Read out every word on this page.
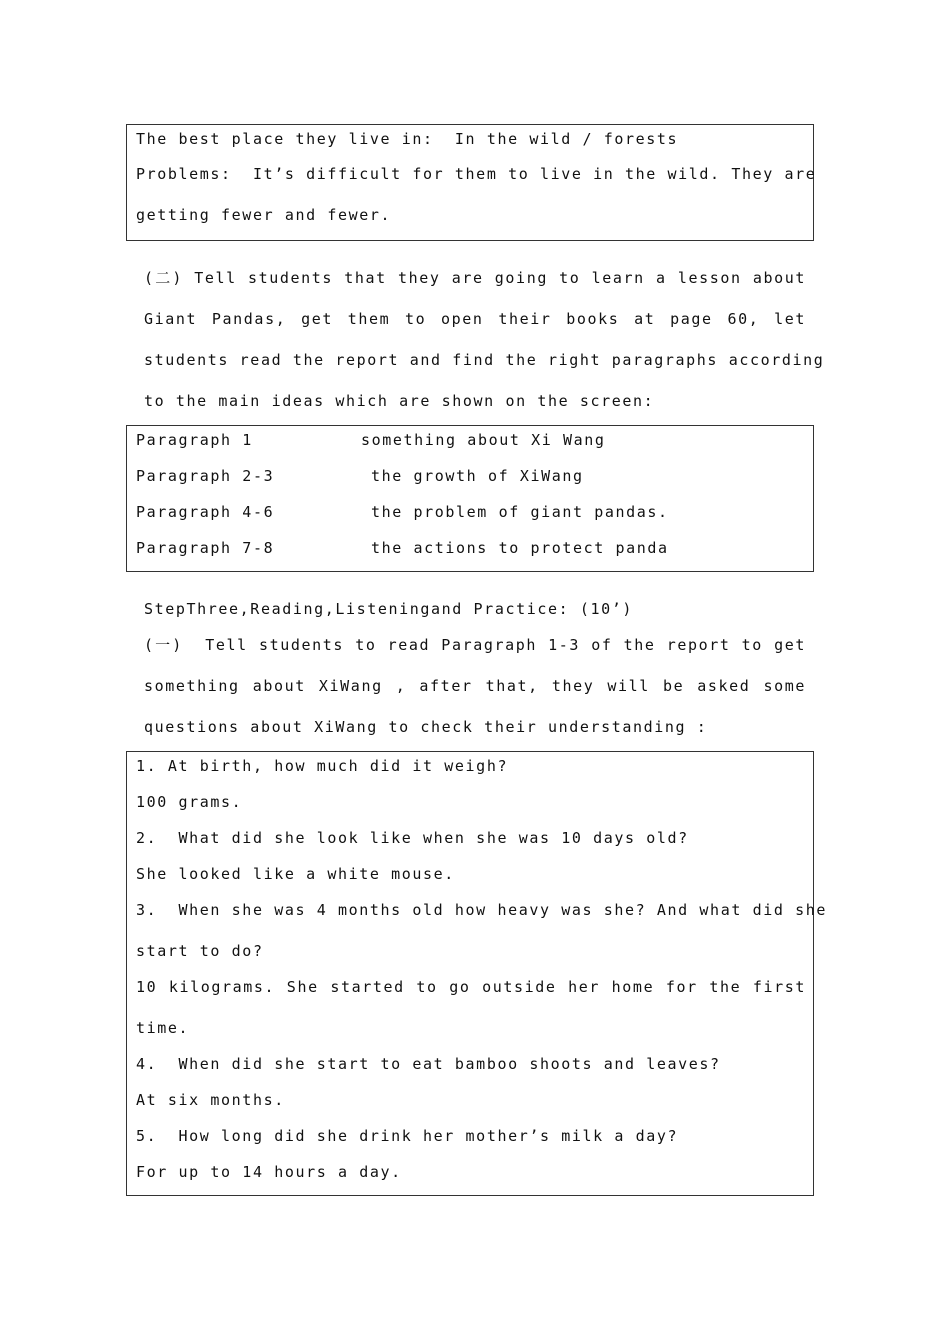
The best place they live in:  In the wild / forests
Problems:  It’s difficult for them to live in the wild. They are
getting fewer and fewer.
(二) Tell students that they are going to learn a lesson about
Giant Pandas, get them to open their books at page 60, let
students read the report and find the right paragraphs according
to the main ideas which are shown on the screen:
Paragraph 1	something about Xi Wang
Paragraph 2-3	the growth of XiWang
Paragraph 4-6	the problem of giant pandas.
Paragraph 7-8	the actions to protect panda
StepThree,Reading,Listeningand Practice: (10’)
(一)  Tell students to read Paragraph 1-3 of the report to get
something about XiWang , after that, they will be asked some
questions about XiWang to check their understanding :
1. At birth, how much did it weigh?
100 grams.
2.  What did she look like when she was 10 days old?
She looked like a white mouse.
3.  When she was 4 months old how heavy was she? And what did she
start to do?
10 kilograms. She started to go outside her home for the first
time.
4.  When did she start to eat bamboo shoots and leaves?
At six months.
5.  How long did she drink her mother’s milk a day?
For up to 14 hours a day.
